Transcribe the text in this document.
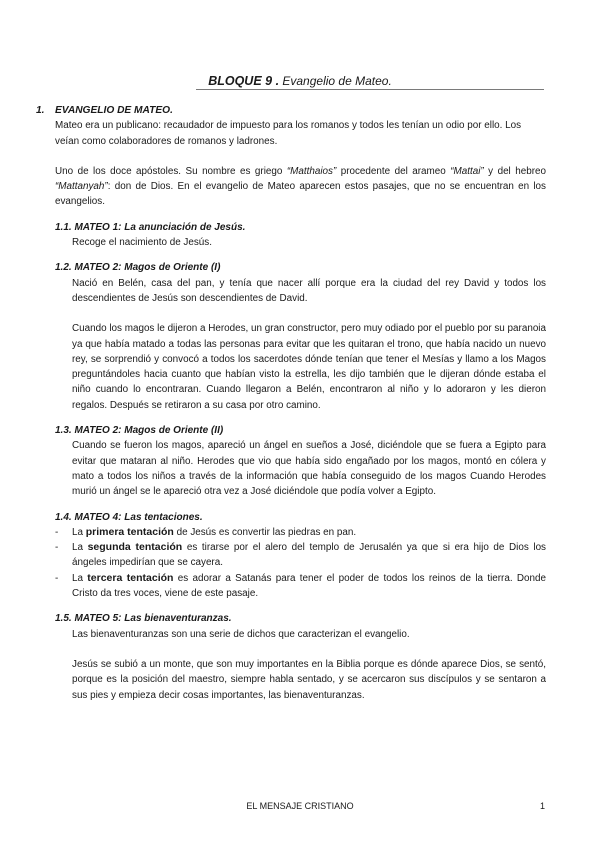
BLOQUE 9 . Evangelio de Mateo.
1. EVANGELIO DE MATEO.

Mateo era un publicano: recaudador de impuesto para los romanos y todos les tenían un odio por ello. Los veían como colaboradores de romanos y ladrones.

Uno de los doce apóstoles. Su nombre es griego “Matthaios” procedente del arameo “Mattai” y del hebreo “Mattanyah”: don de Dios. En el evangelio de Mateo aparecen estos pasajes, que no se encuentran en los evangelios.

1.1. MATEO 1: La anunciación de Jesús.
Recoge el nacimiento de Jesús.
1.2. MATEO 2: Magos de Oriente (I)
Nació en Belén, casa del pan, y tenía que nacer allí porque era la ciudad del rey David y todos los descendientes de Jesús son descendientes de David.
Cuando los magos le dijeron a Herodes, un gran constructor, pero muy odiado por el pueblo por su paranoia ya que había matado a todas las personas para evitar que les quitaran el trono, que había nacido un nuevo rey, se sorprendió y convocó a todos los sacerdotes dónde tenían que tener el Mesías y llamo a los Magos preguntándoles hacia cuanto que habían visto la estrella, les dijo también que le dijeran dónde estaba el niño cuando lo encontraran. Cuando llegaron a Belén, encontraron al niño y lo adoraron y les dieron regalos. Después se retiraron a su casa por otro camino.
1.3. MATEO 2: Magos de Oriente (II)
Cuando se fueron los magos, apareció un ángel en sueños a José, diciéndole que se fuera a Egipto para evitar que mataran al niño. Herodes que vio que había sido engañado por los magos, montó en cólera y mato a todos los niños a través de la información que había conseguido de los magos Cuando Herodes murió un ángel se le apareció otra vez a José diciéndole que podía volver a Egipto.
1.4. MATEO 4: Las tentaciones.
- La primera tentación de Jesús es convertir las piedras en pan.
- La segunda tentación es tirarse por el alero del templo de Jerusalén ya que si era hijo de Dios los ángeles impedirían que se cayera.
- La tercera tentación es adorar a Satanás para tener el poder de todos los reinos de la tierra. Donde Cristo da tres voces, viene de este pasaje.
1.5. MATEO 5: Las bienaventuranzas.
Las bienaventuranzas son una serie de dichos que caracterizan el evangelio.
Jesús se subió a un monte, que son muy importantes en la Biblia porque es dónde aparece Dios, se sentó, porque es la posición del maestro, siempre habla sentado, y se acercaron sus discípulos y se sentaron a sus pies y empieza decir cosas importantes, las bienaventuranzas.
EL MENSAJE CRISTIANO	1
